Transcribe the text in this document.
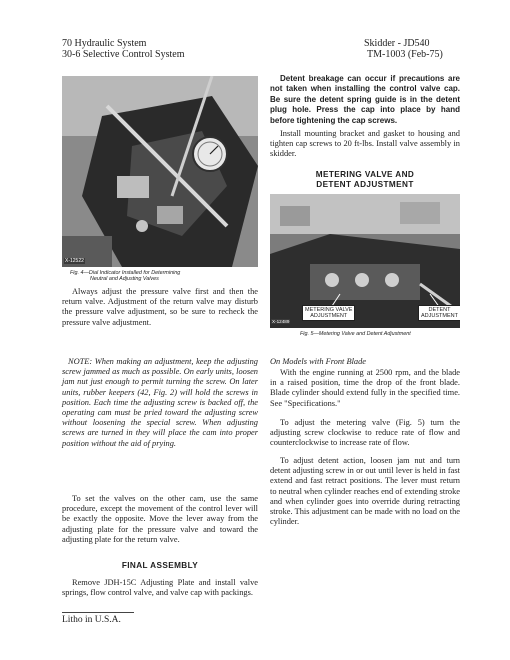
70 Hydraulic System
30-6 Selective Control System
Skidder - JD540
TM-1003 (Feb-75)
X-12522
Fig. 4—Dial Indicator Installed for Determining
Neutral and Adjusting Valves

Always adjust the pressure valve first and then the return valve. Adjustment of the return valve may disturb the pressure valve adjustment, so be sure to recheck the pressure valve adjustment.

NOTE: When making an adjustment, keep the adjusting screw jammed as much as possible. On early units, loosen jam nut just enough to permit turning the screw. On later units, rubber keepers (42, Fig. 2) will hold the screws in position. Each time the adjusting screw is backed off, the operating cam must be pried toward the adjusting screw without loosening the special screw. When adjusting screws are turned in they will place the cam into proper position without the aid of prying.

To set the valves on the other cam, use the same procedure, except the movement of the control lever will be exactly the opposite. Move the lever away from the adjusting plate for the pressure valve and toward the adjusting plate for the return valve.

FINAL ASSEMBLY

Remove JDH-15C Adjusting Plate and install valve springs, flow control valve, and valve cap with packings.

Detent breakage can occur if precautions are not taken when installing the control valve cap. Be sure the detent spring guide is in the detent plug hole. Press the cap into place by hand before tightening the cap screws.

Install mounting bracket and gasket to housing and tighten cap screws to 20 ft-lbs. Install valve assembly in skidder.

METERING VALVE AND
DETENT ADJUSTMENT
METERING VALVE
ADJUSTMENT
DETENT
ADJUSTMENT
X-12489
Fig. 5—Metering Valve and Detent Adjustment
On Models with Front Blade

With the engine running at 2500 rpm, and the blade in a raised position, time the drop of the front blade. Blade cylinder should extend fully in the specified time. See "Specifications."

To adjust the metering valve (Fig. 5) turn the adjusting screw clockwise to reduce rate of flow and counterclockwise to increase rate of flow.

To adjust detent action, loosen jam nut and turn detent adjusting screw in or out until lever is held in fast extend and fast retract positions. The lever must return to neutral when cylinder reaches end of extending stroke and when cylinder goes into override during retracting stroke. This adjustment can be made with no load on the cylinder.

Litho in U.S.A.
